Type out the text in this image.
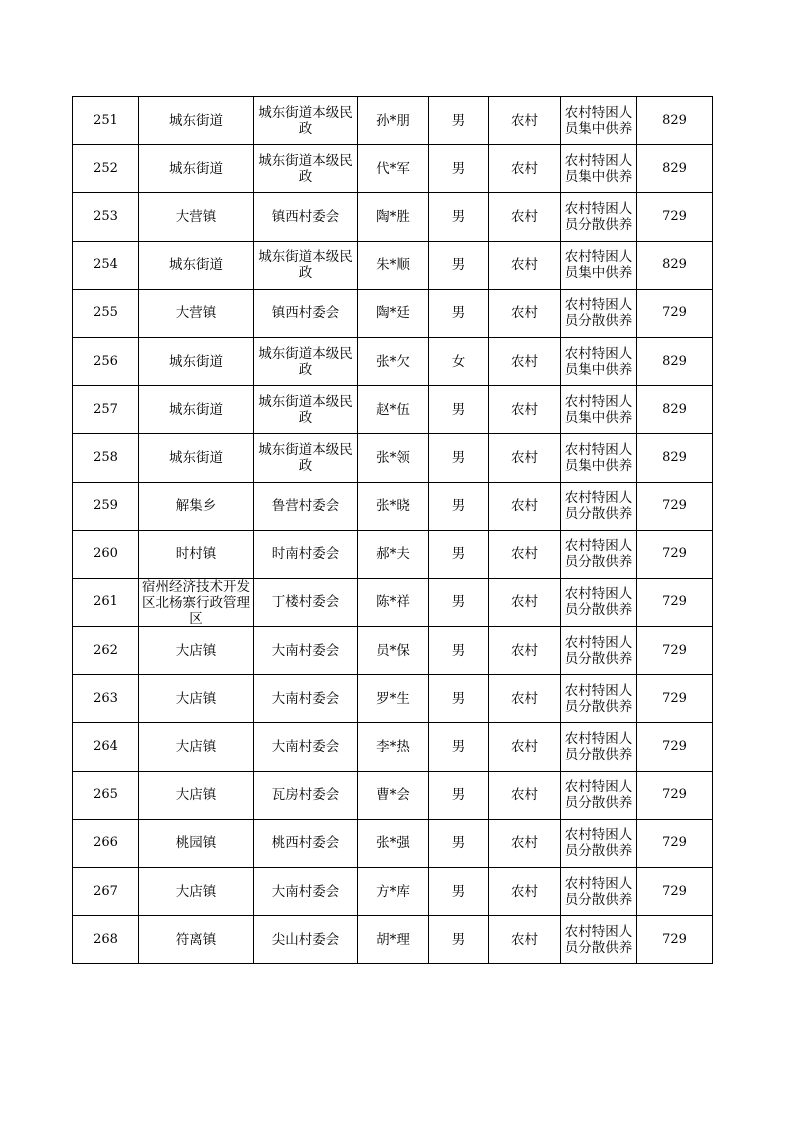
251	城东街道	城东街道本级民政	孙*朋	男	农村	农村特困人员集中供养	829

252	城东街道	城东街道本级民政	代*军	男	农村	农村特困人员集中供养	829

253	大营镇	镇西村委会	陶*胜	男	农村	农村特困人员分散供养	729

254	城东街道	城东街道本级民政	朱*顺	男	农村	农村特困人员集中供养	829

255	大营镇	镇西村委会	陶*廷	男	农村	农村特困人员分散供养	729

256	城东街道	城东街道本级民政	张*欠	女	农村	农村特困人员集中供养	829

257	城东街道	城东街道本级民政	赵*伍	男	农村	农村特困人员集中供养	829

258	城东街道	城东街道本级民政	张*领	男	农村	农村特困人员集中供养	829

259	解集乡	鲁营村委会	张*晓	男	农村	农村特困人员分散供养	729

260	时村镇	时南村委会	郝*夫	男	农村	农村特困人员分散供养	729

261	宿州经济技术开发区北杨寨行政管理区	丁楼村委会	陈*祥	男	农村	农村特困人员分散供养	729

262	大店镇	大南村委会	员*保	男	农村	农村特困人员分散供养	729

263	大店镇	大南村委会	罗*生	男	农村	农村特困人员分散供养	729

264	大店镇	大南村委会	李*热	男	农村	农村特困人员分散供养	729

265	大店镇	瓦房村委会	曹*会	男	农村	农村特困人员分散供养	729

266	桃园镇	桃西村委会	张*强	男	农村	农村特困人员分散供养	729

267	大店镇	大南村委会	方*库	男	农村	农村特困人员分散供养	729

268	符离镇	尖山村委会	胡*理	男	农村	农村特困人员分散供养	729
